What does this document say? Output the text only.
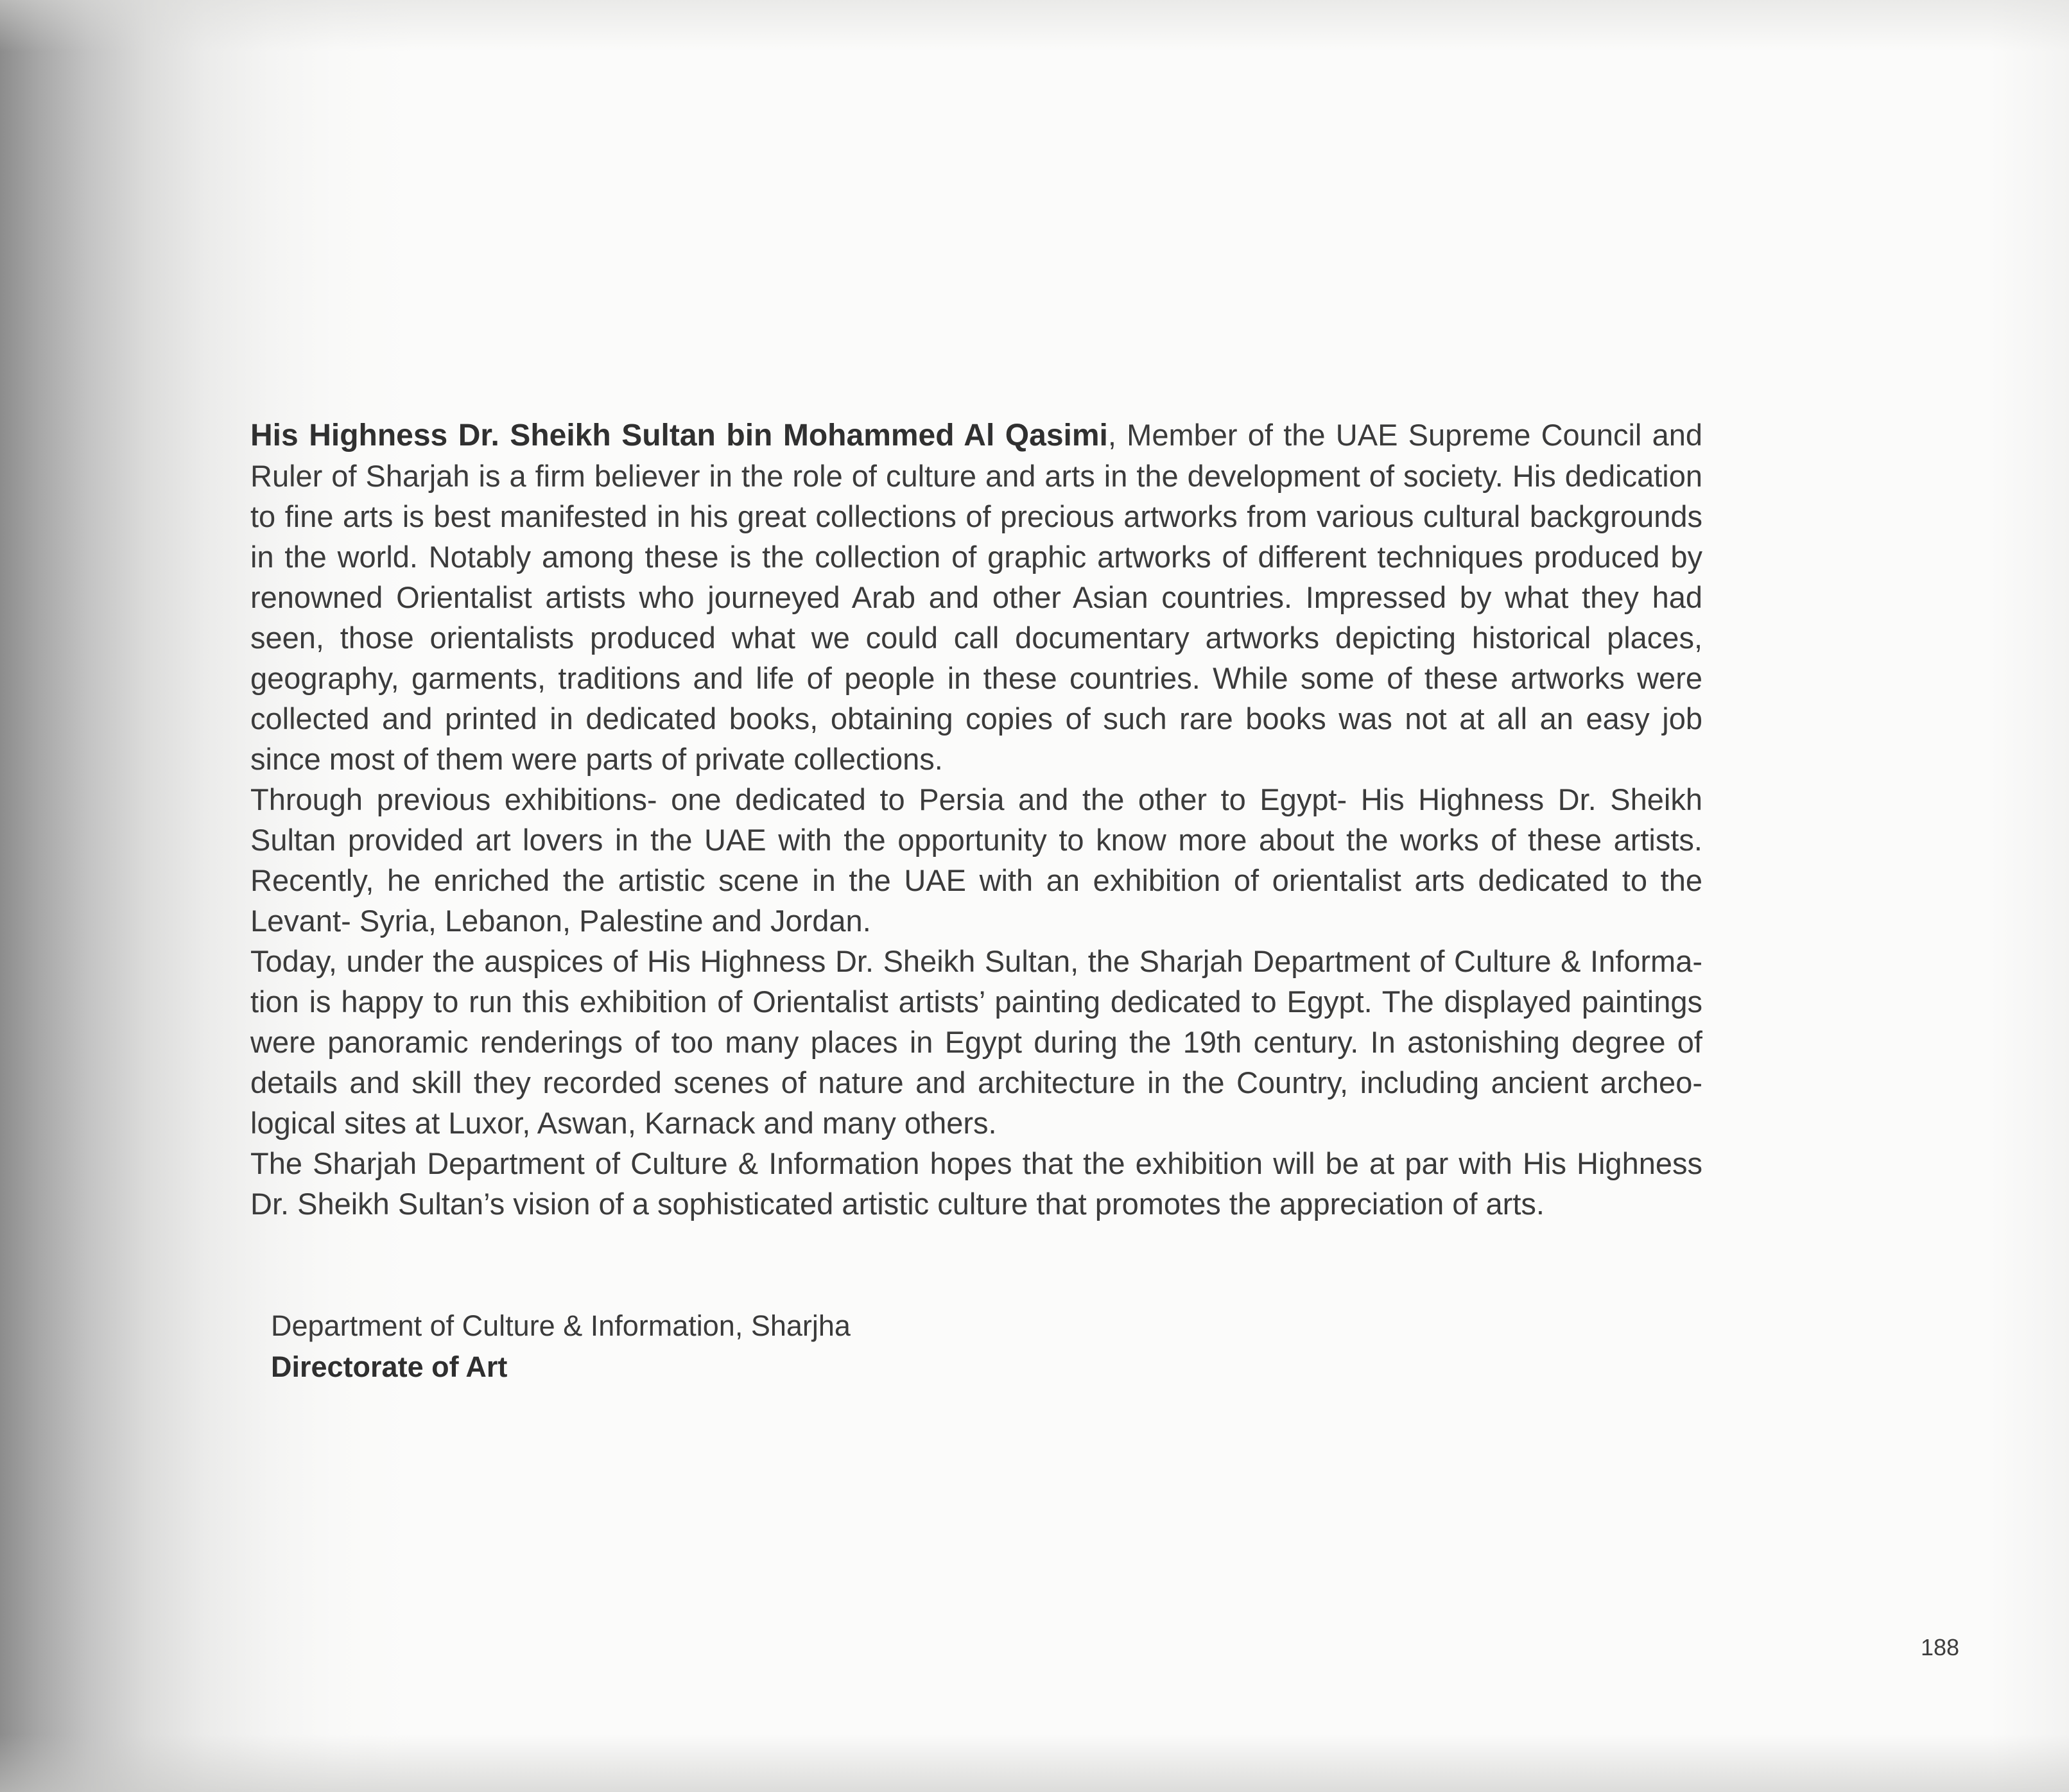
His Highness Dr. Sheikh Sultan bin Mohammed Al Qasimi, Member of the UAE Supreme Council and Ruler of Sharjah is a firm believer in the role of culture and arts in the development of society. His dedication to fine arts is best manifested in his great collections of precious artworks from various cultural backgrounds in the world. Notably among these is the collection of graphic artworks of different techniques produced by renowned Orientalist artists who journeyed Arab and other Asian countries. Impressed by what they had seen, those orientalists produced what we could call documentary artworks depicting historical places, geography, garments, traditions and life of people in these countries. While some of these artworks were collected and printed in dedicated books, obtaining copies of such rare books was not at all an easy job since most of them were parts of private collections.

Through previous exhibitions- one dedicated to Persia and the other to Egypt- His Highness Dr. Sheikh Sultan provided art lovers in the UAE with the opportunity to know more about the works of these artists. Recently, he enriched the artistic scene in the UAE with an exhibition of orientalist arts dedicated to the Levant- Syria, Lebanon, Palestine and Jordan.

Today, under the auspices of His Highness Dr. Sheikh Sultan, the Sharjah Department of Culture & Information is happy to run this exhibition of Orientalist artists’ painting dedicated to Egypt. The displayed paintings were panoramic renderings of too many places in Egypt during the 19th century. In astonishing degree of details and skill they recorded scenes of nature and architecture in the Country, including ancient archeological sites at Luxor, Aswan, Karnack and many others.

The Sharjah Department of Culture & Information hopes that the exhibition will be at par with His Highness Dr. Sheikh Sultan’s vision of a sophisticated artistic culture that promotes the appreciation of arts.

Department of Culture & Information, Sharjha
Directorate of Art
188
